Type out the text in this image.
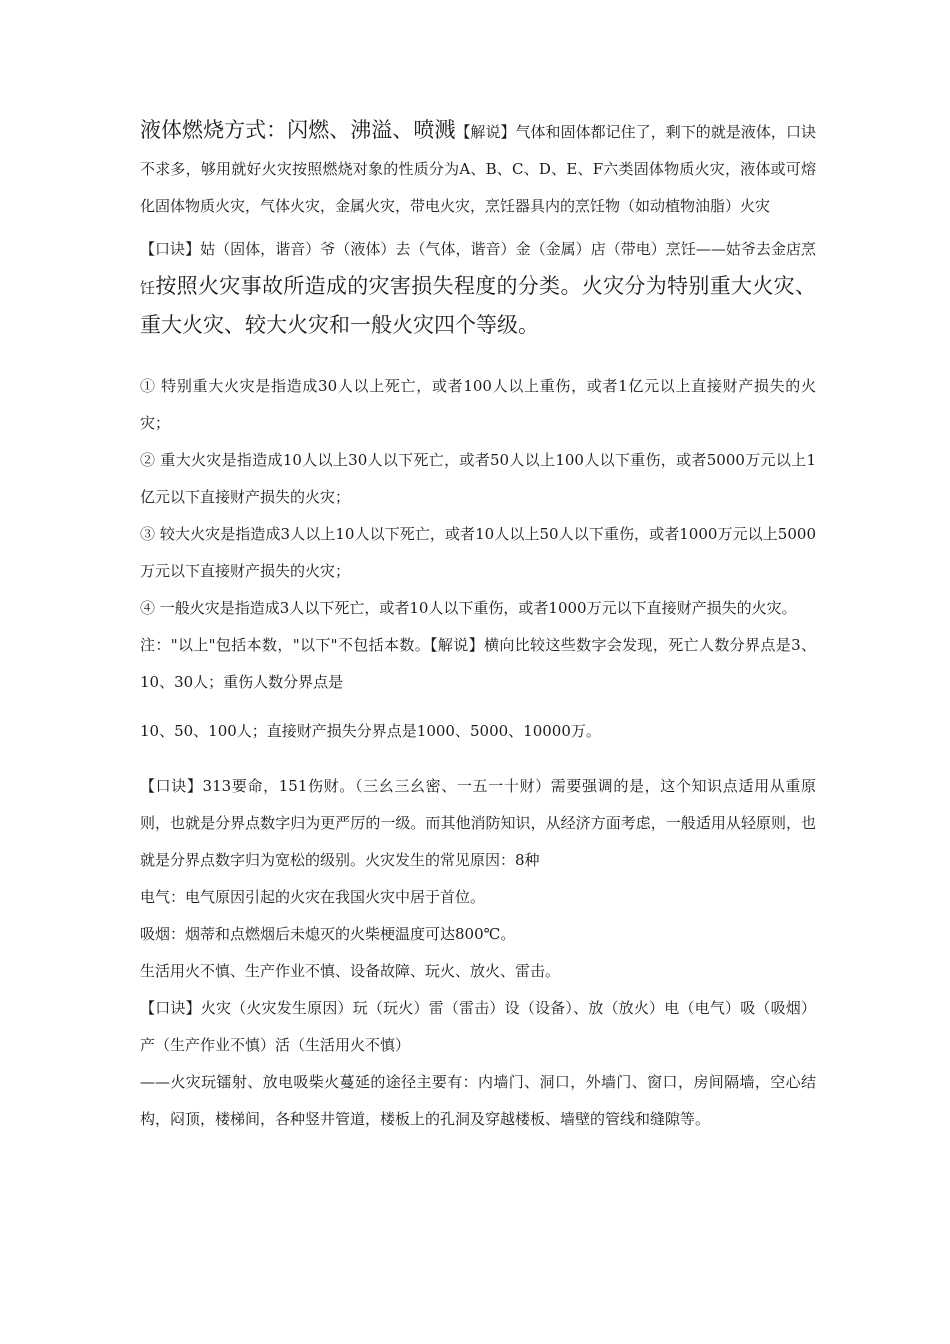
液体燃烧方式：闪燃、沸溢、喷溅【解说】气体和固体都记住了，剩下的就是液体，口诀不求多，够用就好火灾按照燃烧对象的性质分为A、B、C、D、E、F六类固体物质火灾，液体或可熔化固体物质火灾，气体火灾，金属火灾，带电火灾，烹饪器具内的烹饪物（如动植物油脂）火灾

【口诀】姑（固体，谐音）爷（液体）去（气体，谐音）金（金属）店（带电）烹饪——姑爷去金店烹饪按照火灾事故所造成的灾害损失程度的分类。火灾分为特别重大火灾、重大火灾、较大火灾和一般火灾四个等级。

① 特别重大火灾是指造成30人以上死亡，或者100人以上重伤，或者1亿元以上直接财产损失的火灾；

② 重大火灾是指造成10人以上30人以下死亡，或者50人以上100人以下重伤，或者5000万元以上1亿元以下直接财产损失的火灾；

③ 较大火灾是指造成3人以上10人以下死亡，或者10人以上50人以下重伤，或者1000万元以上5000万元以下直接财产损失的火灾；

④ 一般火灾是指造成3人以下死亡，或者10人以下重伤，或者1000万元以下直接财产损失的火灾。

注："以上"包括本数，"以下"不包括本数。【解说】横向比较这些数字会发现，死亡人数分界点是3、10、30人；重伤人数分界点是

10、50、100人；直接财产损失分界点是1000、5000、10000万。

【口诀】313要命，151伤财。（三幺三幺密、一五一十财）需要强调的是，这个知识点适用从重原则，也就是分界点数字归为更严厉的一级。而其他消防知识，从经济方面考虑，一般适用从轻原则，也就是分界点数字归为宽松的级别。火灾发生的常见原因：8种

电气：电气原因引起的火灾在我国火灾中居于首位。

吸烟：烟蒂和点燃烟后未熄灭的火柴梗温度可达800℃。

生活用火不慎、生产作业不慎、设备故障、玩火、放火、雷击。

【口诀】火灾（火灾发生原因）玩（玩火）雷（雷击）设（设备）、放（放火）电（电气）吸（吸烟）产（生产作业不慎）活（生活用火不慎）

——火灾玩镭射、放电吸柴火蔓延的途径主要有：内墙门、洞口，外墙门、窗口，房间隔墙，空心结构，闷顶，楼梯间，各种竖井管道，楼板上的孔洞及穿越楼板、墙壁的管线和缝隙等。
